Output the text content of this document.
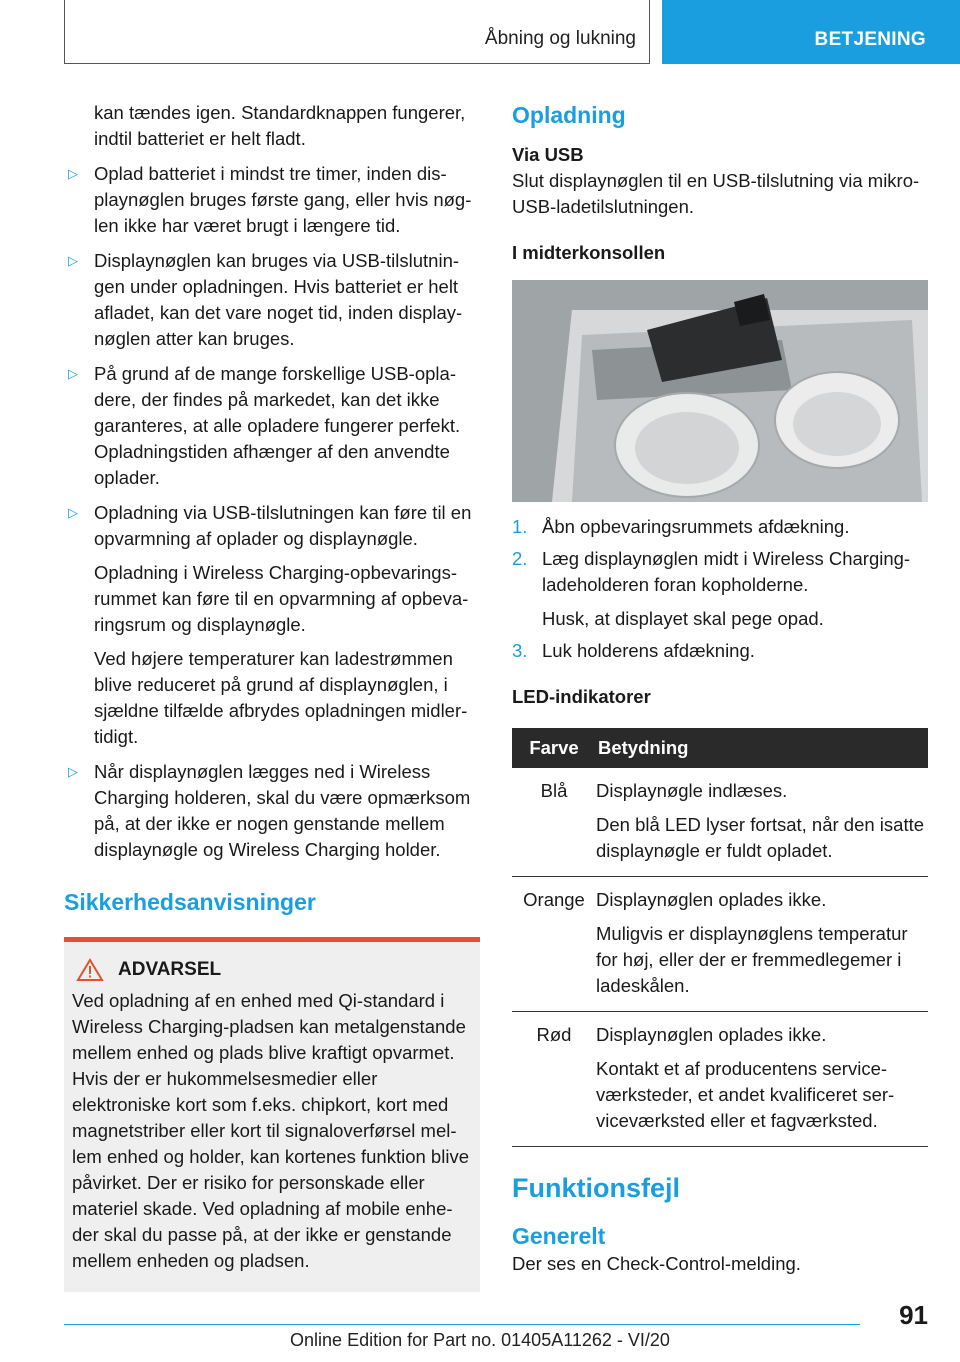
Åbning og lukning	BETJENING
kan tændes igen. Standardknappen fungerer, indtil batteriet er helt fladt.
▷ Oplad batteriet i mindst tre timer, inden displaynøglen bruges første gang, eller hvis nøglen ikke har været brugt i længere tid.
▷ Displaynøglen kan bruges via USB-tilslutningen under opladningen. Hvis batteriet er helt afladet, kan det vare noget tid, inden displaynøglen atter kan bruges.
▷ På grund af de mange forskellige USB-opladere, der findes på markedet, kan det ikke garanteres, at alle opladere fungerer perfekt. Opladningstiden afhænger af den anvendte oplader.
▷ Opladning via USB-tilslutningen kan føre til en opvarmning af oplader og displaynøgle.
Opladning i Wireless Charging-opbevaringsrummet kan føre til en opvarmning af opbevaringsrum og displaynøgle.
Ved højere temperaturer kan ladestrømmen blive reduceret på grund af displaynøglen, i sjældne tilfælde afbrydes opladningen midlertidigt.
▷ Når displaynøglen lægges ned i Wireless Charging holderen, skal du være opmærksom på, at der ikke er nogen genstande mellem displaynøgle og Wireless Charging holder.
Sikkerhedsanvisninger
ADVARSEL
Ved opladning af en enhed med Qi-standard i Wireless Charging-pladsen kan metalgenstande mellem enhed og plads blive kraftigt opvarmet. Hvis der er hukommelsesmedier eller elektroniske kort som f.eks. chipkort, kort med magnetstriber eller kort til signaloverførsel mellem enhed og holder, kan kortenes funktion blive påvirket. Der er risiko for personskade eller materiel skade. Ved opladning af mobile enheder skal du passe på, at der ikke er genstande mellem enheden og pladsen.
Opladning
Via USB
Slut displaynøglen til en USB-tilslutning via mikro-USB-ladetilslutningen.
I midterkonsollen
1. Åbn opbevaringsrummets afdækning.
2. Læg displaynøglen midt i Wireless Charging-ladeholderen foran kopholderne.
Husk, at displayet skal pege opad.
3. Luk holderens afdækning.
LED-indikatorer
Farve	Betydning
Blå	Displaynøgle indlæses.
Den blå LED lyser fortsat, når den isatte displaynøgle er fuldt opladet.

Orange	Displaynøglen oplades ikke.
Muligvis er displaynøglens temperatur for høj, eller der er fremmedlegemer i ladeskålen.

Rød	Displaynøglen oplades ikke.
Kontakt et af producentens serviceværksteder, et andet kvalificeret serviceværksted eller et fagværksted.
Funktionsfejl
Generelt
Der ses en Check-Control-melding.
91
Online Edition for Part no. 01405A11262 - VI/20
